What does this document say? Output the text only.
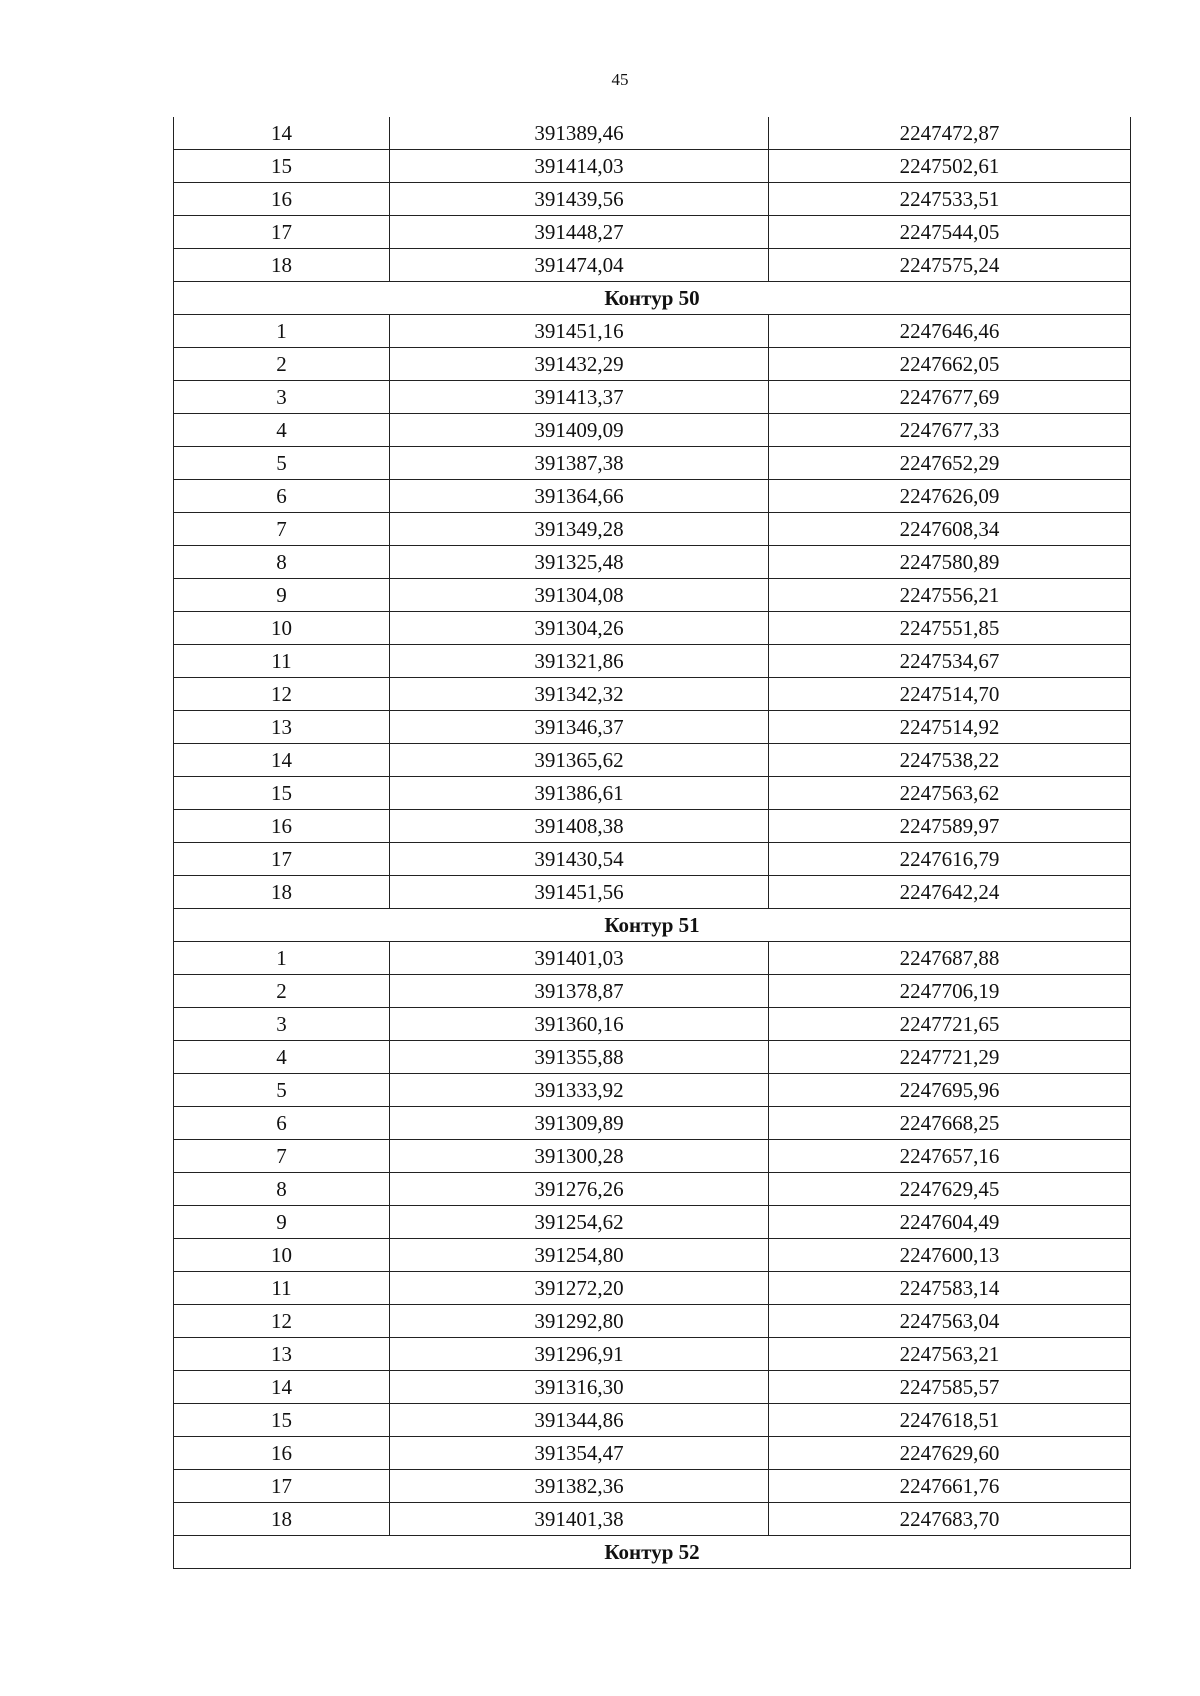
45
14	391389,46	2247472,87
15	391414,03	2247502,61
16	391439,56	2247533,51
17	391448,27	2247544,05
18	391474,04	2247575,24
Контур 50		
1	391451,16	2247646,46
2	391432,29	2247662,05
3	391413,37	2247677,69
4	391409,09	2247677,33
5	391387,38	2247652,29
6	391364,66	2247626,09
7	391349,28	2247608,34
8	391325,48	2247580,89
9	391304,08	2247556,21
10	391304,26	2247551,85
11	391321,86	2247534,67
12	391342,32	2247514,70
13	391346,37	2247514,92
14	391365,62	2247538,22
15	391386,61	2247563,62
16	391408,38	2247589,97
17	391430,54	2247616,79
18	391451,56	2247642,24
Контур 51		
1	391401,03	2247687,88
2	391378,87	2247706,19
3	391360,16	2247721,65
4	391355,88	2247721,29
5	391333,92	2247695,96
6	391309,89	2247668,25
7	391300,28	2247657,16
8	391276,26	2247629,45
9	391254,62	2247604,49
10	391254,80	2247600,13
11	391272,20	2247583,14
12	391292,80	2247563,04
13	391296,91	2247563,21
14	391316,30	2247585,57
15	391344,86	2247618,51
16	391354,47	2247629,60
17	391382,36	2247661,76
18	391401,38	2247683,70
Контур 52		
